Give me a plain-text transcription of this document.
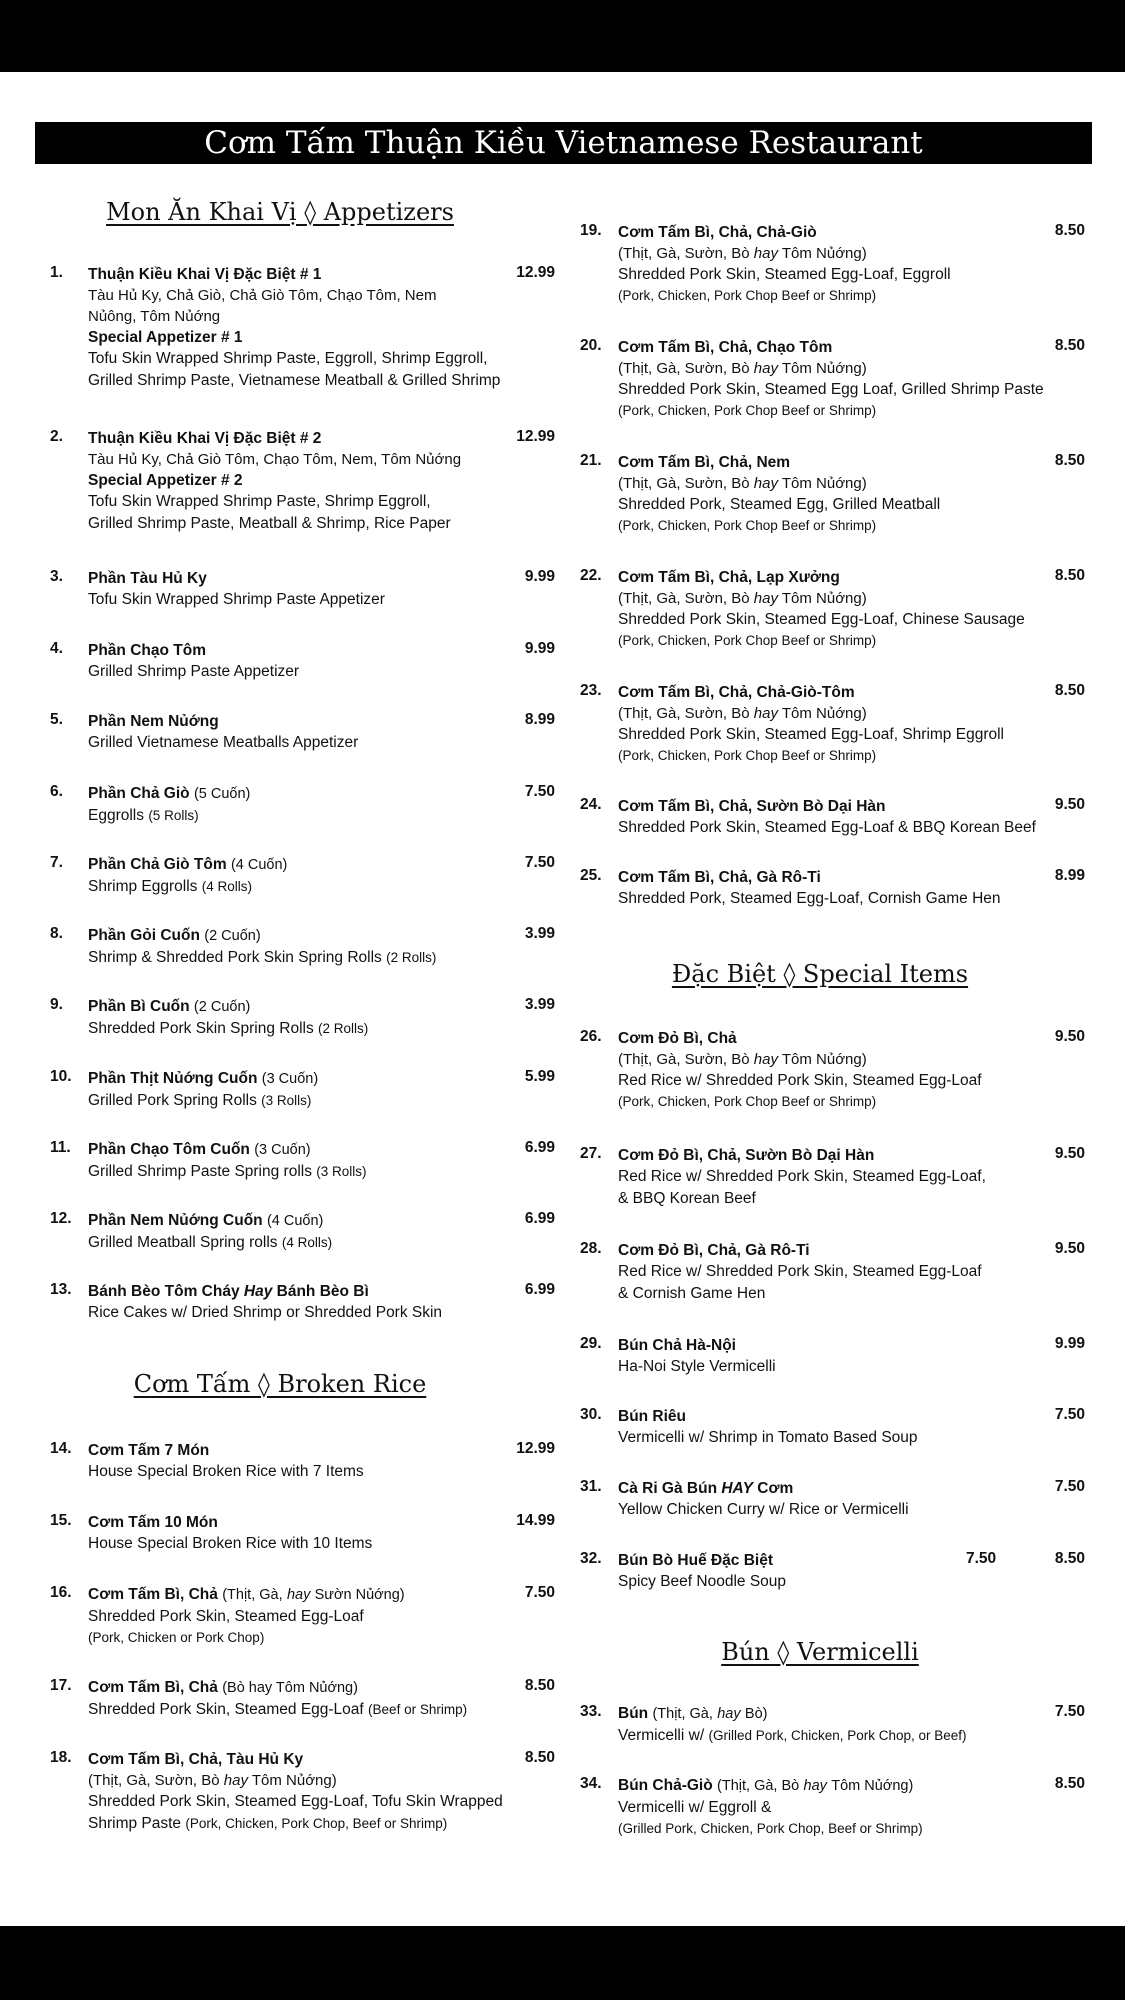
Cơm Tấm Thuận Kiều Vietnamese Restaurant
Mon Ăn Khai Vị ◊ Appetizers
1. Thuận Kiều Khai Vị Đặc Biệt # 1
Tàu Hủ Ky, Chả Giò, Chả Giò Tôm, Chạo Tôm, Nem
Nủông, Tôm Nủớng
Special Appetizer # 1
Tofu Skin Wrapped Shrimp Paste, Eggroll, Shrimp Eggroll,
Grilled Shrimp Paste, Vietnamese Meatball & Grilled Shrimp
12.99
2. Thuận Kiều Khai Vị Đặc Biệt # 2
Tàu Hủ Ky, Chả Giò Tôm, Chạo Tôm, Nem, Tôm Nủớng
Special Appetizer # 2
Tofu Skin Wrapped Shrimp Paste, Shrimp Eggroll,
Grilled Shrimp Paste, Meatball & Shrimp, Rice Paper
12.99
3. Phần Tàu Hủ Ky
Tofu Skin Wrapped Shrimp Paste Appetizer
9.99
4. Phần Chạo Tôm
Grilled Shrimp Paste Appetizer
9.99
5. Phần Nem Nủớng
Grilled Vietnamese Meatballs Appetizer
8.99
6. Phần Chả Giò (5 Cuốn)
Eggrolls (5 Rolls)
7.50
7. Phần Chả Giò Tôm (4 Cuốn)
Shrimp Eggrolls (4 Rolls)
7.50
8. Phần Gỏi Cuốn (2 Cuốn)
Shrimp & Shredded Pork Skin Spring Rolls (2 Rolls)
3.99
9. Phần Bì Cuốn (2 Cuốn)
Shredded Pork Skin Spring Rolls (2 Rolls)
3.99
10. Phần Thịt Nủớng Cuốn (3 Cuốn)
Grilled Pork Spring Rolls (3 Rolls)
5.99
11. Phần Chạo Tôm Cuốn (3 Cuốn)
Grilled Shrimp Paste Spring rolls (3 Rolls)
6.99
12. Phần Nem Nủớng Cuốn (4 Cuốn)
Grilled Meatball Spring rolls (4 Rolls)
6.99
13. Bánh Bèo Tôm Cháy Hay Bánh Bèo Bì
Rice Cakes w/ Dried Shrimp or Shredded Pork Skin
6.99
Cơm Tấm ◊ Broken Rice
14. Cơm Tấm 7 Món
House Special Broken Rice with 7 Items
12.99
15. Cơm Tấm 10 Món
House Special Broken Rice with 10 Items
14.99
16. Cơm Tấm Bì, Chả (Thịt, Gà, hay Sườn Nủớng)
Shredded Pork Skin, Steamed Egg-Loaf
(Pork, Chicken or Pork Chop)
7.50
17. Cơm Tấm Bì, Chả (Bò hay Tôm Nủớng)
Shredded Pork Skin, Steamed Egg-Loaf (Beef or Shrimp)
8.50
18. Cơm Tấm Bì, Chả, Tàu Hủ Ky
(Thịt, Gà, Sườn, Bò hay Tôm Nủớng)
Shredded Pork Skin, Steamed Egg-Loaf, Tofu Skin Wrapped
Shrimp Paste (Pork, Chicken, Pork Chop, Beef or Shrimp)
8.50
19. Cơm Tấm Bì, Chả, Chả-Giò
(Thịt, Gà, Sườn, Bò hay Tôm Nủớng)
Shredded Pork Skin, Steamed Egg-Loaf, Eggroll
(Pork, Chicken, Pork Chop Beef or Shrimp)
8.50
20. Cơm Tấm Bì, Chả, Chạo Tôm
(Thịt, Gà, Sườn, Bò hay Tôm Nủớng)
Shredded Pork Skin, Steamed Egg Loaf, Grilled Shrimp Paste
(Pork, Chicken, Pork Chop Beef or Shrimp)
8.50
21. Cơm Tấm Bì, Chả, Nem
(Thịt, Gà, Sườn, Bò hay Tôm Nủớng)
Shredded Pork, Steamed Egg, Grilled Meatball
(Pork, Chicken, Pork Chop Beef or Shrimp)
8.50
22. Cơm Tấm Bì, Chả, Lạp Xưởng
(Thịt, Gà, Sườn, Bò hay Tôm Nủớng)
Shredded Pork Skin, Steamed Egg-Loaf, Chinese Sausage
(Pork, Chicken, Pork Chop Beef or Shrimp)
8.50
23. Cơm Tấm Bì, Chả, Chả-Giò-Tôm
(Thịt, Gà, Sườn, Bò hay Tôm Nủớng)
Shredded Pork Skin, Steamed Egg-Loaf, Shrimp Eggroll
(Pork, Chicken, Pork Chop Beef or Shrimp)
8.50
24. Cơm Tấm Bì, Chả, Sườn Bò Dại Hàn
Shredded Pork Skin, Steamed Egg-Loaf & BBQ Korean Beef
9.50
25. Cơm Tấm Bì, Chả, Gà Rô-Ti
Shredded Pork, Steamed Egg-Loaf, Cornish Game Hen
8.99
Đặc Biệt ◊ Special Items
26. Cơm Đỏ Bì, Chả
(Thịt, Gà, Sườn, Bò hay Tôm Nủớng)
Red Rice w/ Shredded Pork Skin, Steamed Egg-Loaf
(Pork, Chicken, Pork Chop Beef or Shrimp)
9.50
27. Cơm Đỏ Bì, Chả, Sườn Bò Dại Hàn
Red Rice w/ Shredded Pork Skin, Steamed Egg-Loaf,
& BBQ Korean Beef
9.50
28. Cơm Đỏ Bì, Chả, Gà Rô-Ti
Red Rice w/ Shredded Pork Skin, Steamed Egg-Loaf
& Cornish Game Hen
9.50
29. Bún Chả Hà-Nội
Ha-Noi Style Vermicelli
9.99
30. Bún Riêu
Vermicelli w/ Shrimp in Tomato Based Soup
7.50
31. Cà Ri Gà Bún HAY Cơm
Yellow Chicken Curry w/ Rice or Vermicelli
7.50
32. Bún Bò Huế Đặc Biệt
Spicy Beef Noodle Soup
7.50	8.50
Bún ◊ Vermicelli
33. Bún (Thịt, Gà, hay Bò)
Vermicelli w/ (Grilled Pork, Chicken, Pork Chop, or Beef)
7.50
34. Bún Chả-Giò (Thịt, Gà, Bò hay Tôm Nủớng)
Vermicelli w/ Eggroll &
(Grilled Pork, Chicken, Pork Chop, Beef or Shrimp)
8.50
